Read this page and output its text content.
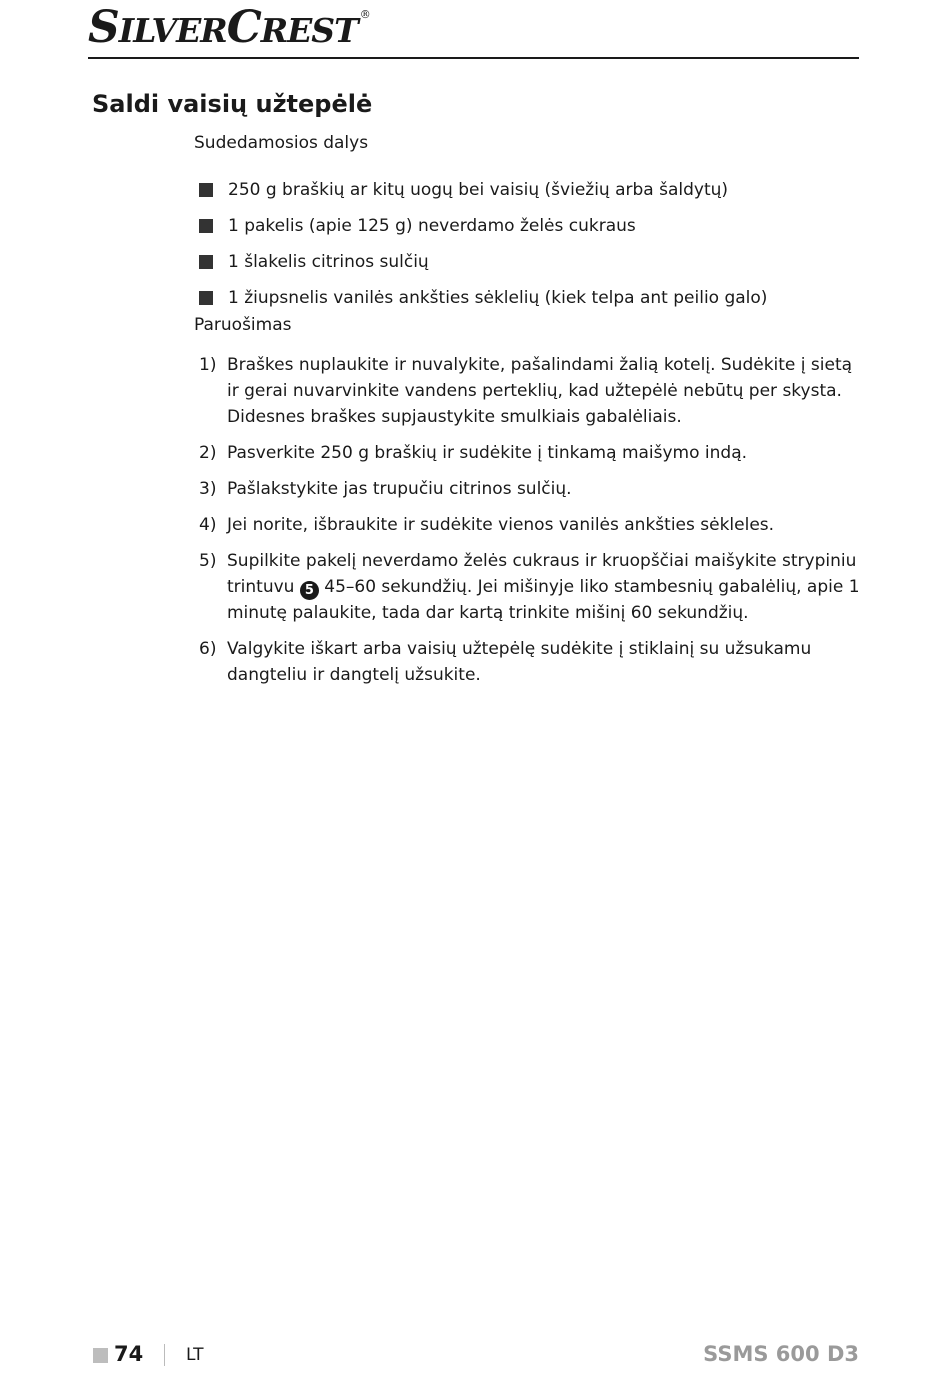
SILVERCREST ®
Saldi vaisių užtepėlė

Sudedamosios dalys

250 g braškių ar kitų uogų bei vaisių (šviežių arba šaldytų)
1 pakelis (apie 125 g) neverdamo želės cukraus
1 šlakelis citrinos sulčių
1 žiupsnelis vanilės ankšties sėklelių (kiek telpa ant peilio galo)

Paruošimas

1) Braškes nuplaukite ir nuvalykite, pašalindami žalią kotelį. Sudėkite į sietą ir gerai nuvarvinkite vandens perteklių, kad užtepėlė nebūtų per skysta. Didesnes braškes supjaustykite smulkiais gabalėliais.
2) Pasverkite 250 g braškių ir sudėkite į tinkamą maišymo indą.
3) Pašlakstykite jas trupučiu citrinos sulčių.
4) Jei norite, išbraukite ir sudėkite vienos vanilės ankšties sėkleles.
5) Supilkite pakelį neverdamo želės cukraus ir kruopščiai maišykite strypiniu trintuvu 5 45–60 sekundžių. Jei mišinyje liko stambesnių gabalėlių, apie 1 minutę palaukite, tada dar kartą trinkite mišinį 60 sekundžių.
6) Valgykite iškart arba vaisių užtepėlę sudėkite į stiklainį su užsukamu dangteliu ir dangtelį užsukite.
74	LT	SSMS 600 D3
